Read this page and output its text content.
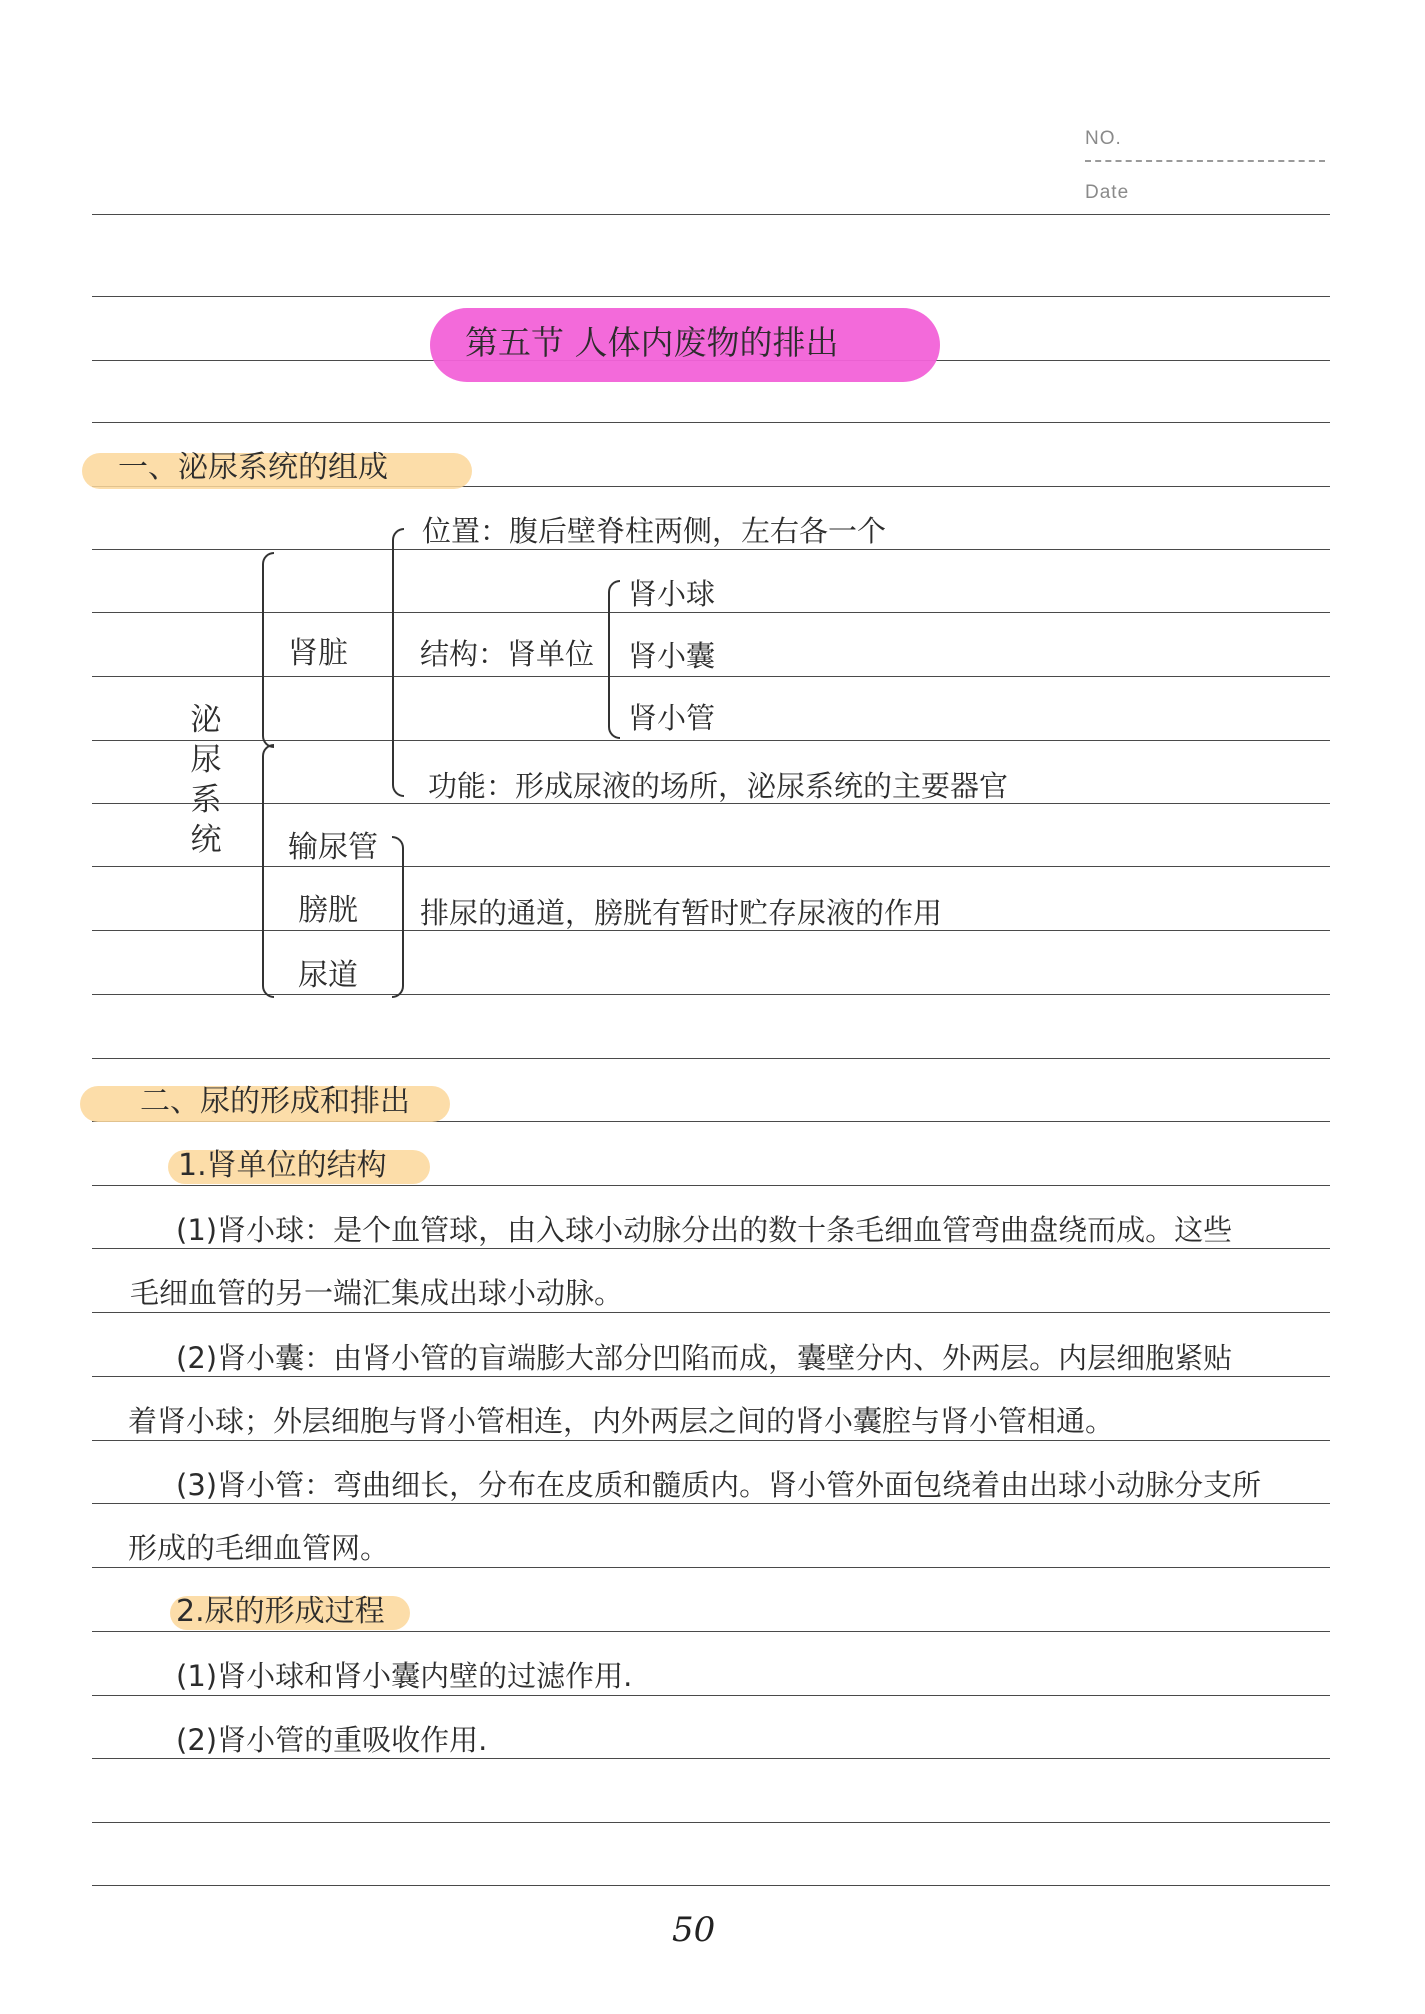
NO.
Date
第五节 人体内废物的排出
一、泌尿系统的组成
泌尿系统
肾脏
位置：腹后壁脊柱两侧，左右各一个
结构：肾单位
肾小球
肾小囊
肾小管
功能：形成尿液的场所，泌尿系统的主要器官
输尿管
膀胱
尿道
排尿的通道，膀胱有暂时贮存尿液的作用
二、尿的形成和排出
1.肾单位的结构
(1)肾小球：是个血管球，由入球小动脉分出的数十条毛细血管弯曲盘绕而成。这些
毛细血管的另一端汇集成出球小动脉。
(2)肾小囊：由肾小管的盲端膨大部分凹陷而成，囊壁分内、外两层。内层细胞紧贴
着肾小球；外层细胞与肾小管相连，内外两层之间的肾小囊腔与肾小管相通。
(3)肾小管：弯曲细长，分布在皮质和髓质内。肾小管外面包绕着由出球小动脉分支所
形成的毛细血管网。
2.尿的形成过程
(1)肾小球和肾小囊内壁的过滤作用.
(2)肾小管的重吸收作用.
50
